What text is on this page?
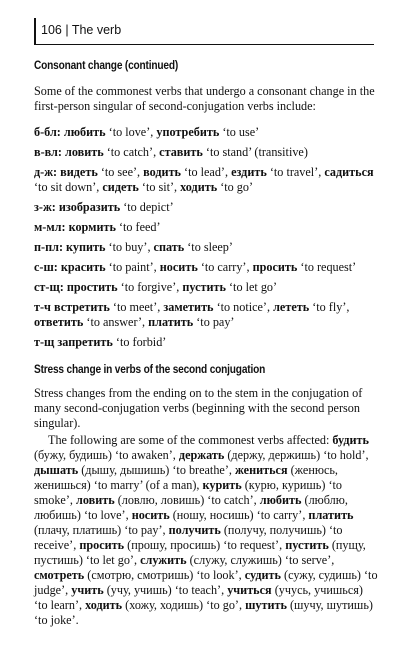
106 | The verb
Consonant change (continued)

Some of the commonest verbs that undergo a consonant change in the first-person singular of second-conjugation verbs include:

б-бл: любить ‘to love’, употребить ‘to use’
в-вл: ловить ‘to catch’, ставить ‘to stand’ (transitive)
д-ж: видеть ‘to see’, водить ‘to lead’, ездить ‘to travel’, садиться ‘to sit down’, сидеть ‘to sit’, ходить ‘to go’
з-ж: изобразить ‘to depict’
м-мл: кормить ‘to feed’
п-пл: купить ‘to buy’, спать ‘to sleep’
с-ш: красить ‘to paint’, носить ‘to carry’, просить ‘to request’
ст-щ: простить ‘to forgive’, пустить ‘to let go’
т-ч встретить ‘to meet’, заметить ‘to notice’, лететь ‘to fly’, ответить ‘to answer’, платить ‘to pay’
т-щ запретить ‘to forbid’
Stress change in verbs of the second conjugation

Stress changes from the ending on to the stem in the conjugation of many second-conjugation verbs (beginning with the second person singular).

The following are some of the commonest verbs affected: будить (бужу, будишь) ‘to awaken’, держать (держу, держишь) ‘to hold’, дышать (дышу, дышишь) ‘to breathe’, жениться (женюсь, женишься) ‘to marry’ (of a man), курить (курю, куришь) ‘to smoke’, ловить (ловлю, ловишь) ‘to catch’, любить (люблю, любишь) ‘to love’, носить (ношу, носишь) ‘to carry’, платить (плачу, платишь) ‘to pay’, получить (получу, получишь) ‘to receive’, просить (прошу, просишь) ‘to request’, пустить (пущу, пустишь) ‘to let go’, служить (служу, служишь) ‘to serve’, смотреть (смотрю, смотришь) ‘to look’, судить (сужу, судишь) ‘to judge’, учить (учу, учишь) ‘to teach’, учиться (учусь, учишься) ‘to learn’, ходить (хожу, ходишь) ‘to go’, шутить (шучу, шутишь) ‘to joke’.
